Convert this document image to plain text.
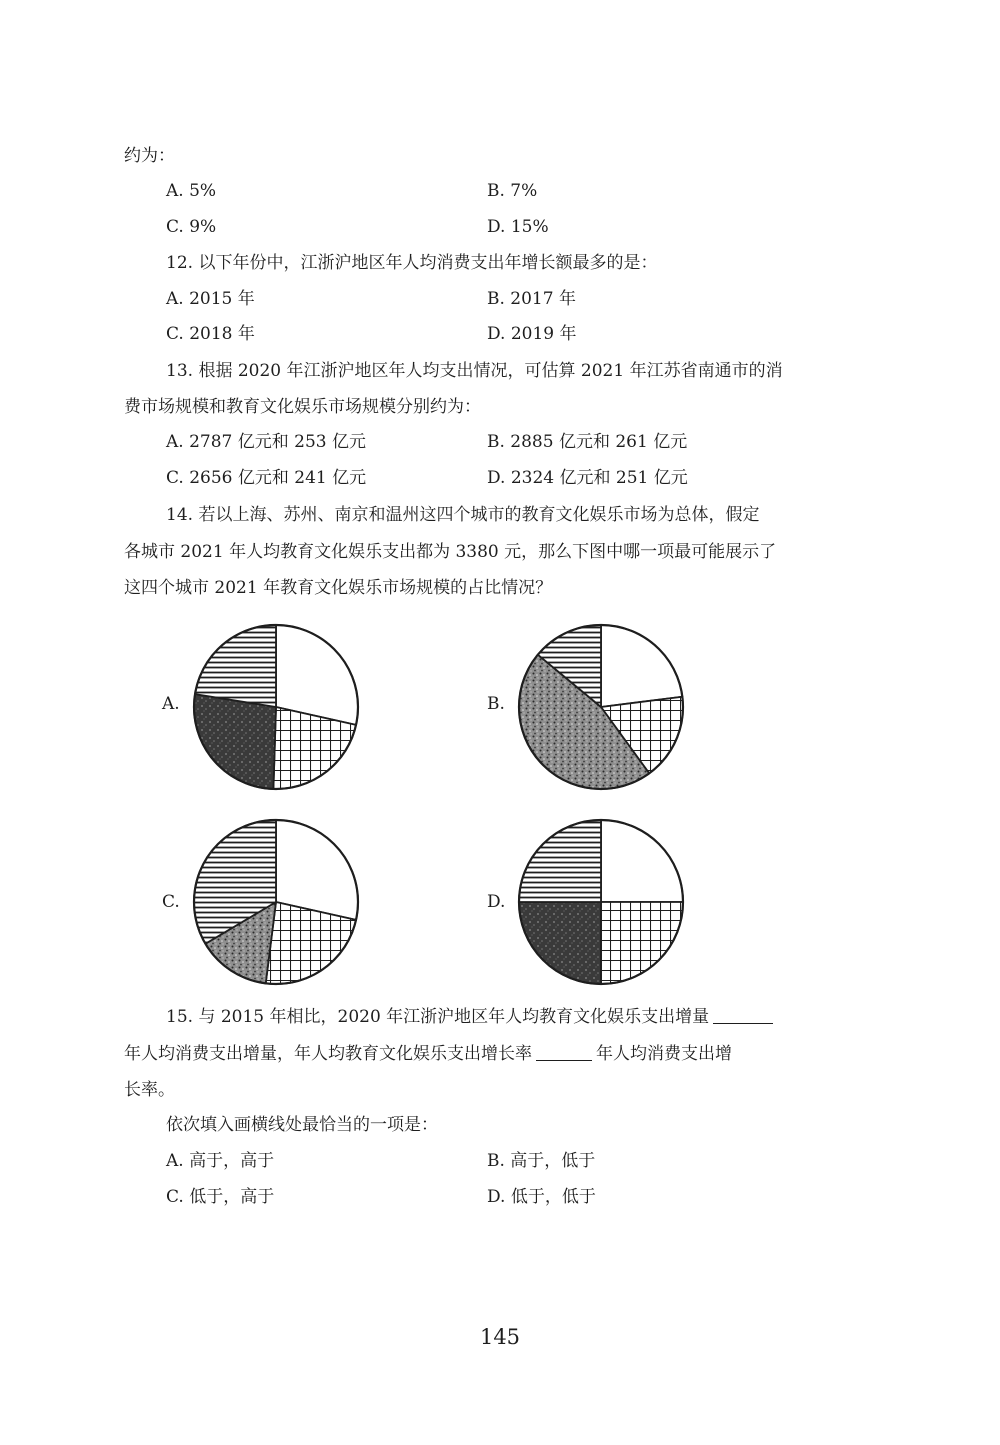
约为：
A. 5%	B. 7%
C. 9%	D. 15%
12. 以下年份中，江浙沪地区年人均消费支出年增长额最多的是：
A. 2015 年	B. 2017 年
C. 2018 年	D. 2019 年
13. 根据 2020 年江浙沪地区年人均支出情况，可估算 2021 年江苏省南通市的消
费市场规模和教育文化娱乐市场规模分别约为：
A. 2787 亿元和 253 亿元	B. 2885 亿元和 261 亿元
C. 2656 亿元和 241 亿元	D. 2324 亿元和 251 亿元
14. 若以上海、苏州、南京和温州这四个城市的教育文化娱乐市场为总体，假定
各城市 2021 年人均教育文化娱乐支出都为 3380 元，那么下图中哪一项最可能展示了
这四个城市 2021 年教育文化娱乐市场规模的占比情况？
A.	B.
C.	D.
15. 与 2015 年相比，2020 年江浙沪地区年人均教育文化娱乐支出增量
年人均消费支出增量，年人均教育文化娱乐支出增长率	年人均消费支出增
长率。
依次填入画横线处最恰当的一项是：
A. 高于，高于	B. 高于，低于
C. 低于，高于	D. 低于，低于
145
